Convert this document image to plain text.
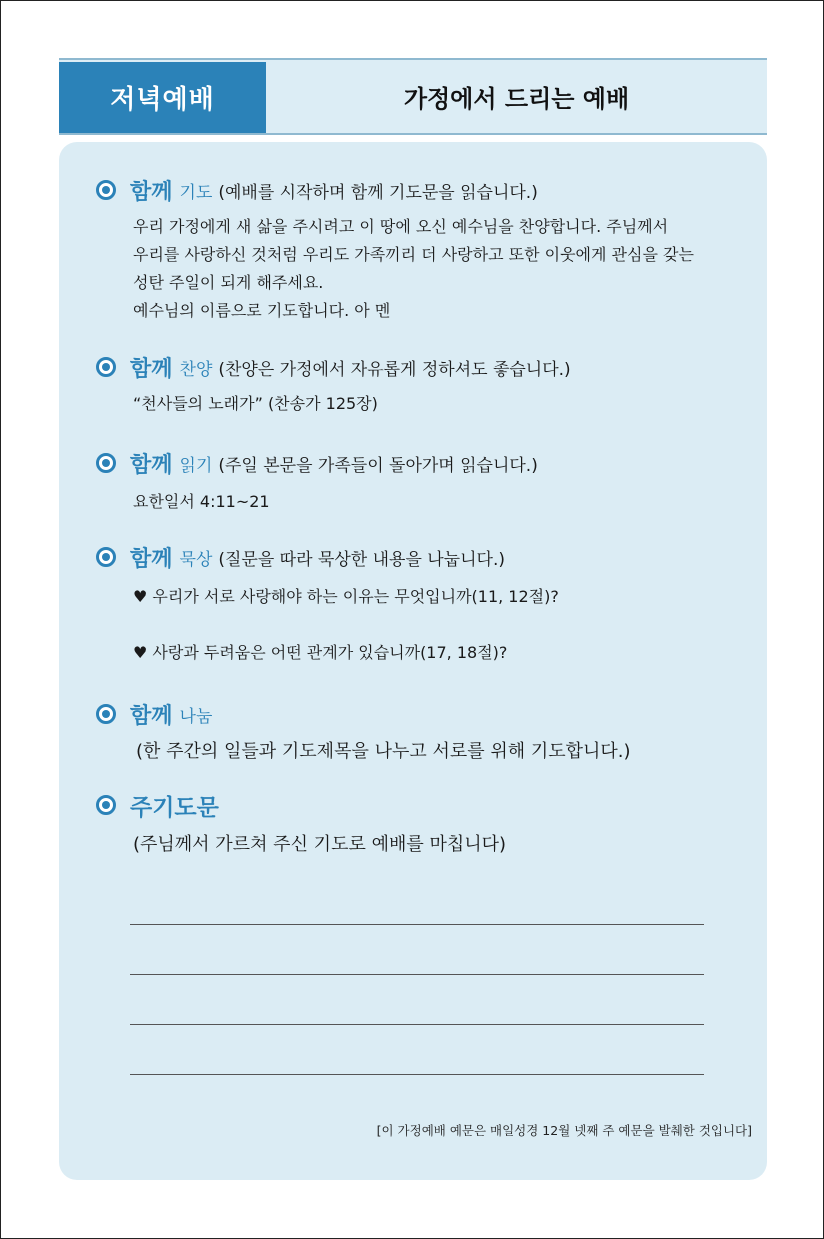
저녁예배	가정에서 드리는 예배
함께 기도 (예배를 시작하며 함께 기도문을 읽습니다.)

우리 가정에게 새 삶을 주시려고 이 땅에 오신 예수님을 찬양합니다. 주님께서

우리를 사랑하신 것처럼 우리도 가족끼리 더 사랑하고 또한 이웃에게 관심을 갖는

성탄 주일이 되게 해주세요.

예수님의 이름으로 기도합니다. 아 멘

함께 찬양 (찬양은 가정에서 자유롭게 정하셔도 좋습니다.)
“천사들의 노래가” (찬송가 125장)
함께 읽기 (주일 본문을 가족들이 돌아가며 읽습니다.)
요한일서 4:11~21
함께 묵상 (질문을 따라 묵상한 내용을 나눕니다.)
♥ 우리가 서로 사랑해야 하는 이유는 무엇입니까(11, 12절)?
♥ 사랑과 두려움은 어떤 관계가 있습니까(17, 18절)?
함께 나눔
(한 주간의 일들과 기도제목을 나누고 서로를 위해 기도합니다.)
주기도문
(주님께서 가르쳐 주신 기도로 예배를 마칩니다)
[이 가정예배 예문은 매일성경 12월 넷째 주 예문을 발췌한 것입니다]
